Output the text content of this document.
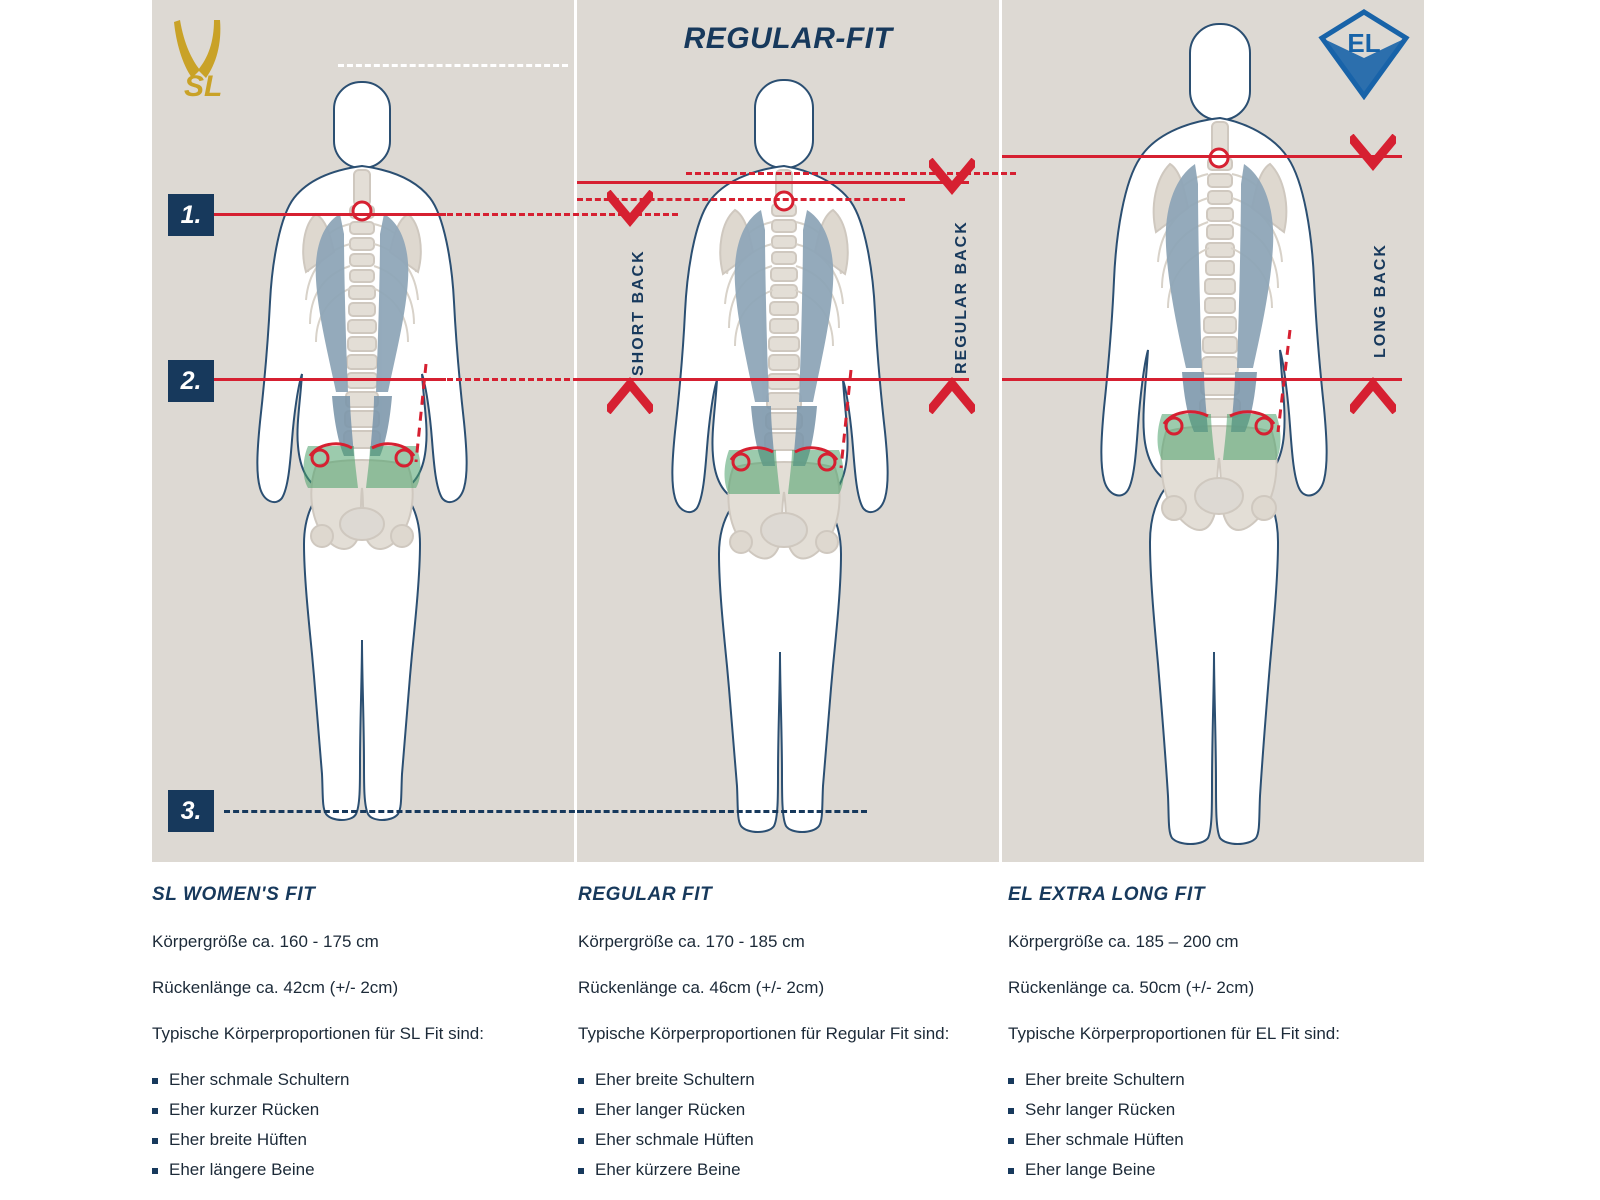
SL
1.
2.
SHORT BACK
3.
REGULAR-FIT
REGULAR BACK
EL
LONG BACK
SL WOMEN'S FIT

Körpergröße ca. 160 - 175 cm

Rückenlänge ca. 42cm (+/- 2cm)

Typische Körperproportionen für SL Fit sind:

Eher schmale Schultern
Eher kurzer Rücken
Eher breite Hüften
Eher längere Beine
REGULAR FIT

Körpergröße ca. 170 - 185 cm

Rückenlänge ca. 46cm (+/- 2cm)

Typische Körperproportionen für Regular Fit sind:

Eher breite Schultern
Eher langer Rücken
Eher schmale Hüften
Eher kürzere Beine
EL EXTRA LONG FIT

Körpergröße ca. 185 – 200 cm

Rückenlänge ca. 50cm (+/- 2cm)

Typische Körperproportionen für EL Fit sind:

Eher breite Schultern
Sehr langer Rücken
Eher schmale Hüften
Eher lange Beine
